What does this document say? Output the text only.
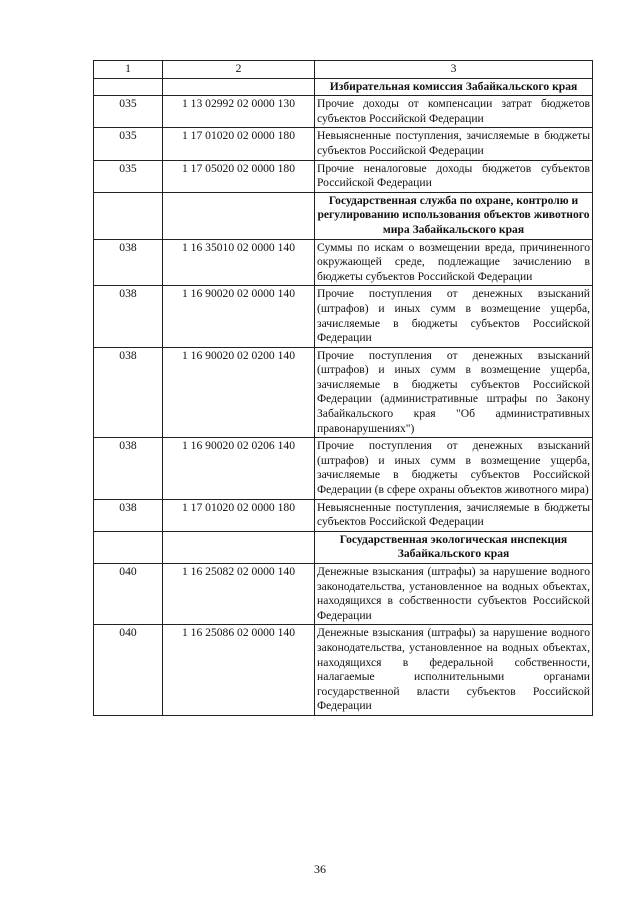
1	2	3
		Избирательная комиссия Забайкальского края
035	1 13 02992 02 0000 130	Прочие доходы от компенсации затрат бюджетов субъектов Российской Федерации
035	1 17 01020 02 0000 180	Невыясненные поступления, зачисляемые в бюджеты субъектов Российской Федерации
035	1 17 05020 02 0000 180	Прочие неналоговые доходы бюджетов субъектов Российской Федерации
		Государственная служба по охране, контролю и регулированию использования объектов животного мира Забайкальского края
038	1 16 35010 02 0000 140	Суммы по искам о возмещении вреда, причиненного окружающей среде, подлежащие зачислению в бюджеты субъектов Российской Федерации
038	1 16 90020 02 0000 140	Прочие поступления от денежных взысканий (штрафов) и иных сумм в возмещение ущерба, зачисляемые в бюджеты субъектов Российской Федерации
038	1 16 90020 02 0200 140	Прочие поступления от денежных взысканий (штрафов) и иных сумм в возмещение ущерба, зачисляемые в бюджеты субъектов Российской Федерации (административные штрафы по Закону Забайкальского края "Об административных правонарушениях")
038	1 16 90020 02 0206 140	Прочие поступления от денежных взысканий (штрафов) и иных сумм в возмещение ущерба, зачисляемые в бюджеты субъектов Российской Федерации (в сфере охраны объектов животного мира)
038	1 17 01020 02 0000 180	Невыясненные поступления, зачисляемые в бюджеты субъектов Российской Федерации
		Государственная экологическая инспекция Забайкальского края
040	1 16 25082 02 0000 140	Денежные взыскания (штрафы) за нарушение водного законодательства, установленное на водных объектах, находящихся в собственности субъектов Российской Федерации
040	1 16 25086 02 0000 140	Денежные взыскания (штрафы) за нарушение водного законодательства, установленное на водных объектах, находящихся в федеральной собственности, налагаемые исполнительными органами государственной власти субъектов Российской Федерации
36
